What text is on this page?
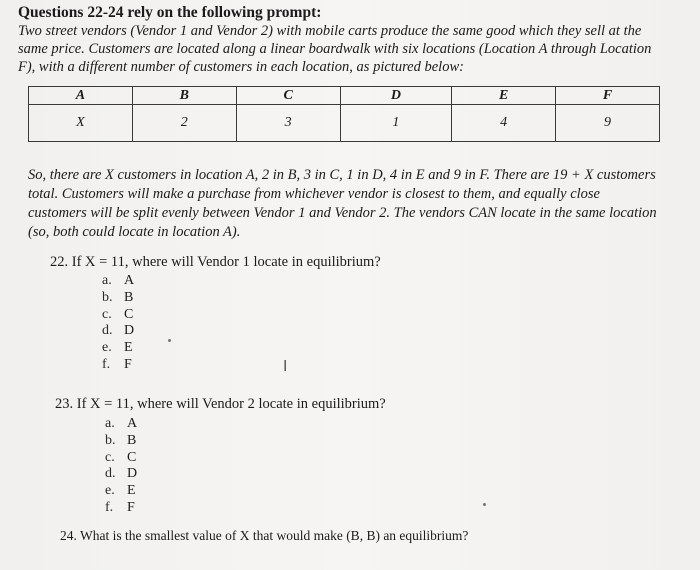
Questions 22-24 rely on the following prompt:
Two street vendors (Vendor 1 and Vendor 2) with mobile carts produce the same good which they sell at the same price. Customers are located along a linear boardwalk with six locations (Location A through Location F), with a different number of customers in each location, as pictured below:
A	B	C	D	E	F
X	2	3	1	4	9
So, there are X customers in location A, 2 in B, 3 in C, 1 in D, 4 in E and 9 in F. There are 19 + X customers total. Customers will make a purchase from whichever vendor is closest to them, and equally close customers will be split evenly between Vendor 1 and Vendor 2. The vendors CAN locate in the same location (so, both could locate in location A).

22. If X = 11, where will Vendor 1 locate in equilibrium?

a. A
b. B
c. C
d. D
e. E
f. F	I

23. If X = 11, where will Vendor 2 locate in equilibrium?

a. A
b. B
c. C
d. D
e. E
f. F

24. What is the smallest value of X that would make (B, B) an equilibrium?
